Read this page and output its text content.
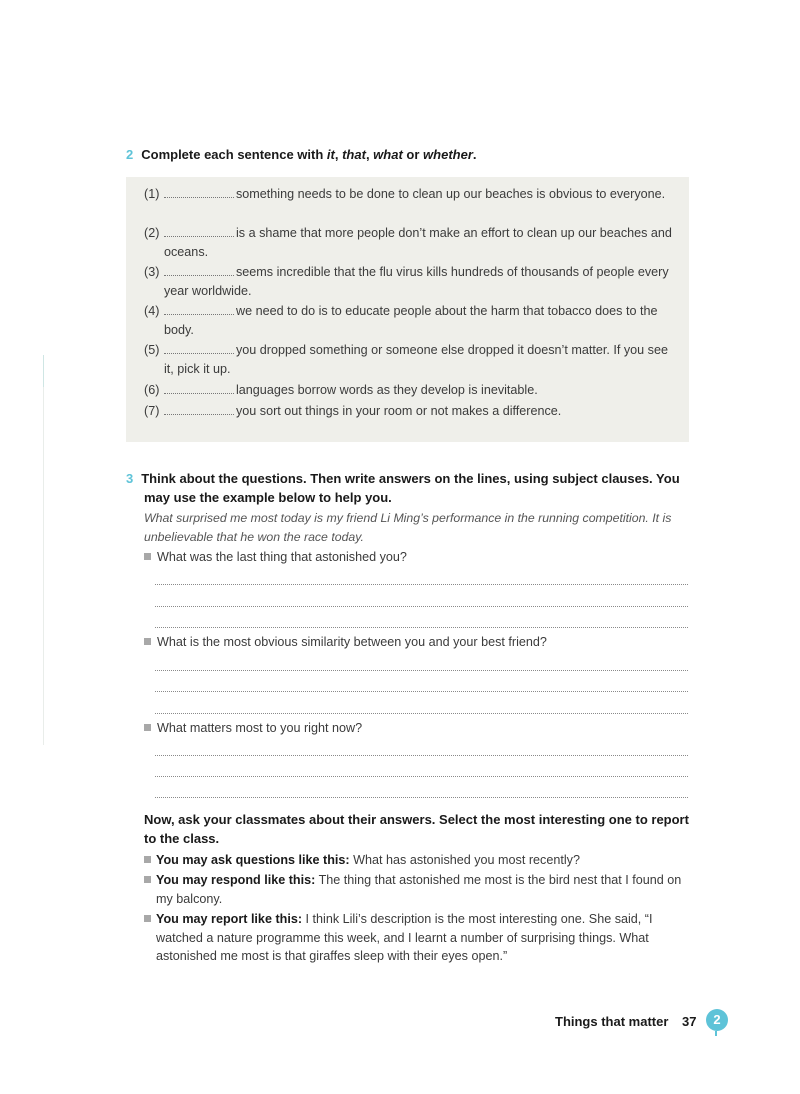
2 Complete each sentence with it, that, what or whether.
(1)	something needs to be done to clean up our beaches is obvious to everyone.
(2)	is a shame that more people don’t make an effort to clean up our beaches and oceans.
(3)	seems incredible that the flu virus kills hundreds of thousands of people every year worldwide.
(4)	we need to do is to educate people about the harm that tobacco does to the body.
(5)	you dropped something or someone else dropped it doesn’t matter. If you see it, pick it up.
(6)	languages borrow words as they develop is inevitable.
(7)	you sort out things in your room or not makes a difference.
3 Think about the questions. Then write answers on the lines, using subject clauses. You may use the example below to help you.
What surprised me most today is my friend Li Ming’s performance in the running competition. It is unbelievable that he won the race today.
What was the last thing that astonished you?
What is the most obvious similarity between you and your best friend?
What matters most to you right now?
Now, ask your classmates about their answers. Select the most interesting one to report to the class.
You may ask questions like this: What has astonished you most recently?
You may respond like this: The thing that astonished me most is the bird nest that I found on my balcony.
You may report like this: I think Lili’s description is the most interesting one. She said, “I watched a nature programme this week, and I learnt a number of surprising things. What astonished me most is that giraffes sleep with their eyes open.”
Things that matter 37	2
